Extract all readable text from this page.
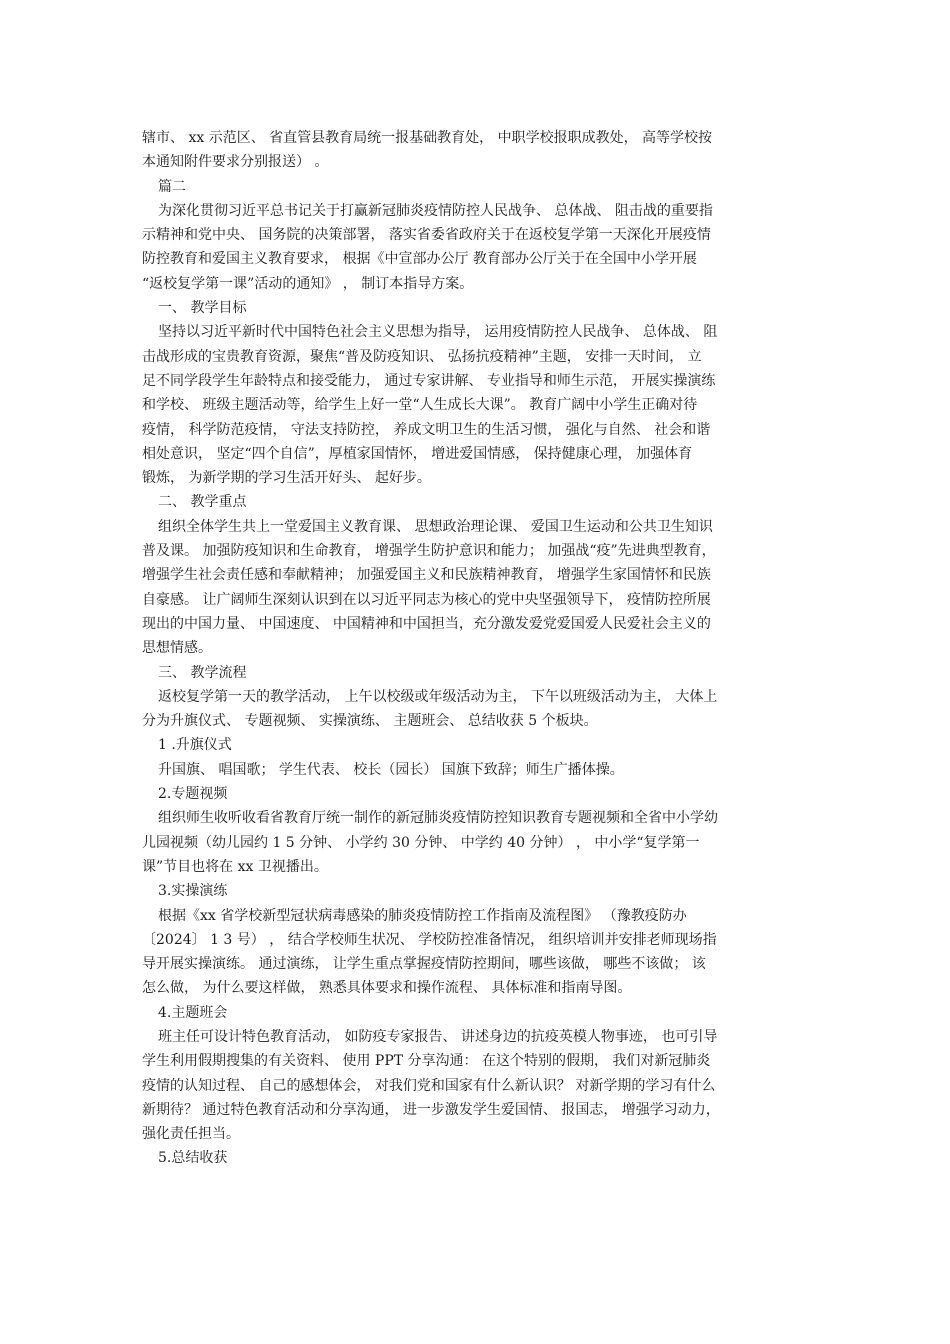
辖市、 xx 示范区、 省直管县教育局统一报基础教育处， 中职学校报职成教处， 高等学校按
本通知附件要求分别报送） 。
篇二
为深化贯彻习近平总书记关于打赢新冠肺炎疫情防控人民战争、 总体战、 阻击战的重要指
示精神和党中央、 国务院的决策部署， 落实省委省政府关于在返校复学第一天深化开展疫情
防控教育和爱国主义教育要求， 根据《中宣部办公厅 教育部办公厅关于在全国中小学开展
“返校复学第一课”活动的通知》 ， 制订本指导方案。
一、 教学目标
坚持以习近平新时代中国特色社会主义思想为指导， 运用疫情防控人民战争、 总体战、 阻
击战形成的宝贵教育资源，聚焦“普及防疫知识、 弘扬抗疫精神”主题， 安排一天时间， 立
足不同学段学生年龄特点和接受能力， 通过专家讲解、 专业指导和师生示范， 开展实操演练
和学校、 班级主题活动等，给学生上好一堂“人生成长大课”。 教育广阔中小学生正确对待
疫情， 科学防范疫情， 守法支持防控， 养成文明卫生的生活习惯， 强化与自然、 社会和谐
相处意识， 坚定“四个自信”，厚植家国情怀， 增进爱国情感， 保持健康心理， 加强体育
锻炼， 为新学期的学习生活开好头、 起好步。
二、 教学重点
组织全体学生共上一堂爱国主义教育课、 思想政治理论课、 爱国卫生运动和公共卫生知识
普及课。 加强防疫知识和生命教育， 增强学生防护意识和能力； 加强战“疫”先进典型教育，
增强学生社会责任感和奉献精神； 加强爱国主义和民族精神教育， 增强学生家国情怀和民族
自豪感。 让广阔师生深刻认识到在以习近平同志为核心的党中央坚强领导下， 疫情防控所展
现出的中国力量、 中国速度、 中国精神和中国担当，充分激发爱党爱国爱人民爱社会主义的
思想情感。
三、 教学流程
返校复学第一天的教学活动， 上午以校级或年级活动为主， 下午以班级活动为主， 大体上
分为升旗仪式、 专题视频、 实操演练、 主题班会、 总结收获 5 个板块。
1 .升旗仪式
升国旗、 唱国歌； 学生代表、 校长（园长） 国旗下致辞；师生广播体操。
2.专题视频
组织师生收听收看省教育厅统一制作的新冠肺炎疫情防控知识教育专题视频和全省中小学幼
儿园视频（幼儿园约 1 5 分钟、 小学约 30 分钟、 中学约 40 分钟） ， 中小学“复学第一
课”节目也将在 xx 卫视播出。
3.实操演练
根据《xx 省学校新型冠状病毒感染的肺炎疫情防控工作指南及流程图》 （豫教疫防办
〔2024〕 1 3 号） ， 结合学校师生状况、 学校防控准备情况， 组织培训并安排老师现场指
导开展实操演练。 通过演练， 让学生重点掌握疫情防控期间，哪些该做， 哪些不该做； 该
怎么做， 为什么要这样做， 熟悉具体要求和操作流程、 具体标准和指南导图。
4.主题班会
班主任可设计特色教育活动， 如防疫专家报告、 讲述身边的抗疫英模人物事迹， 也可引导
学生利用假期搜集的有关资料、 使用 PPT 分享沟通： 在这个特别的假期， 我们对新冠肺炎
疫情的认知过程、 自己的感想体会， 对我们党和国家有什么新认识？ 对新学期的学习有什么
新期待？ 通过特色教育活动和分享沟通， 进一步激发学生爱国情、 报国志， 增强学习动力，
强化责任担当。
5.总结收获
